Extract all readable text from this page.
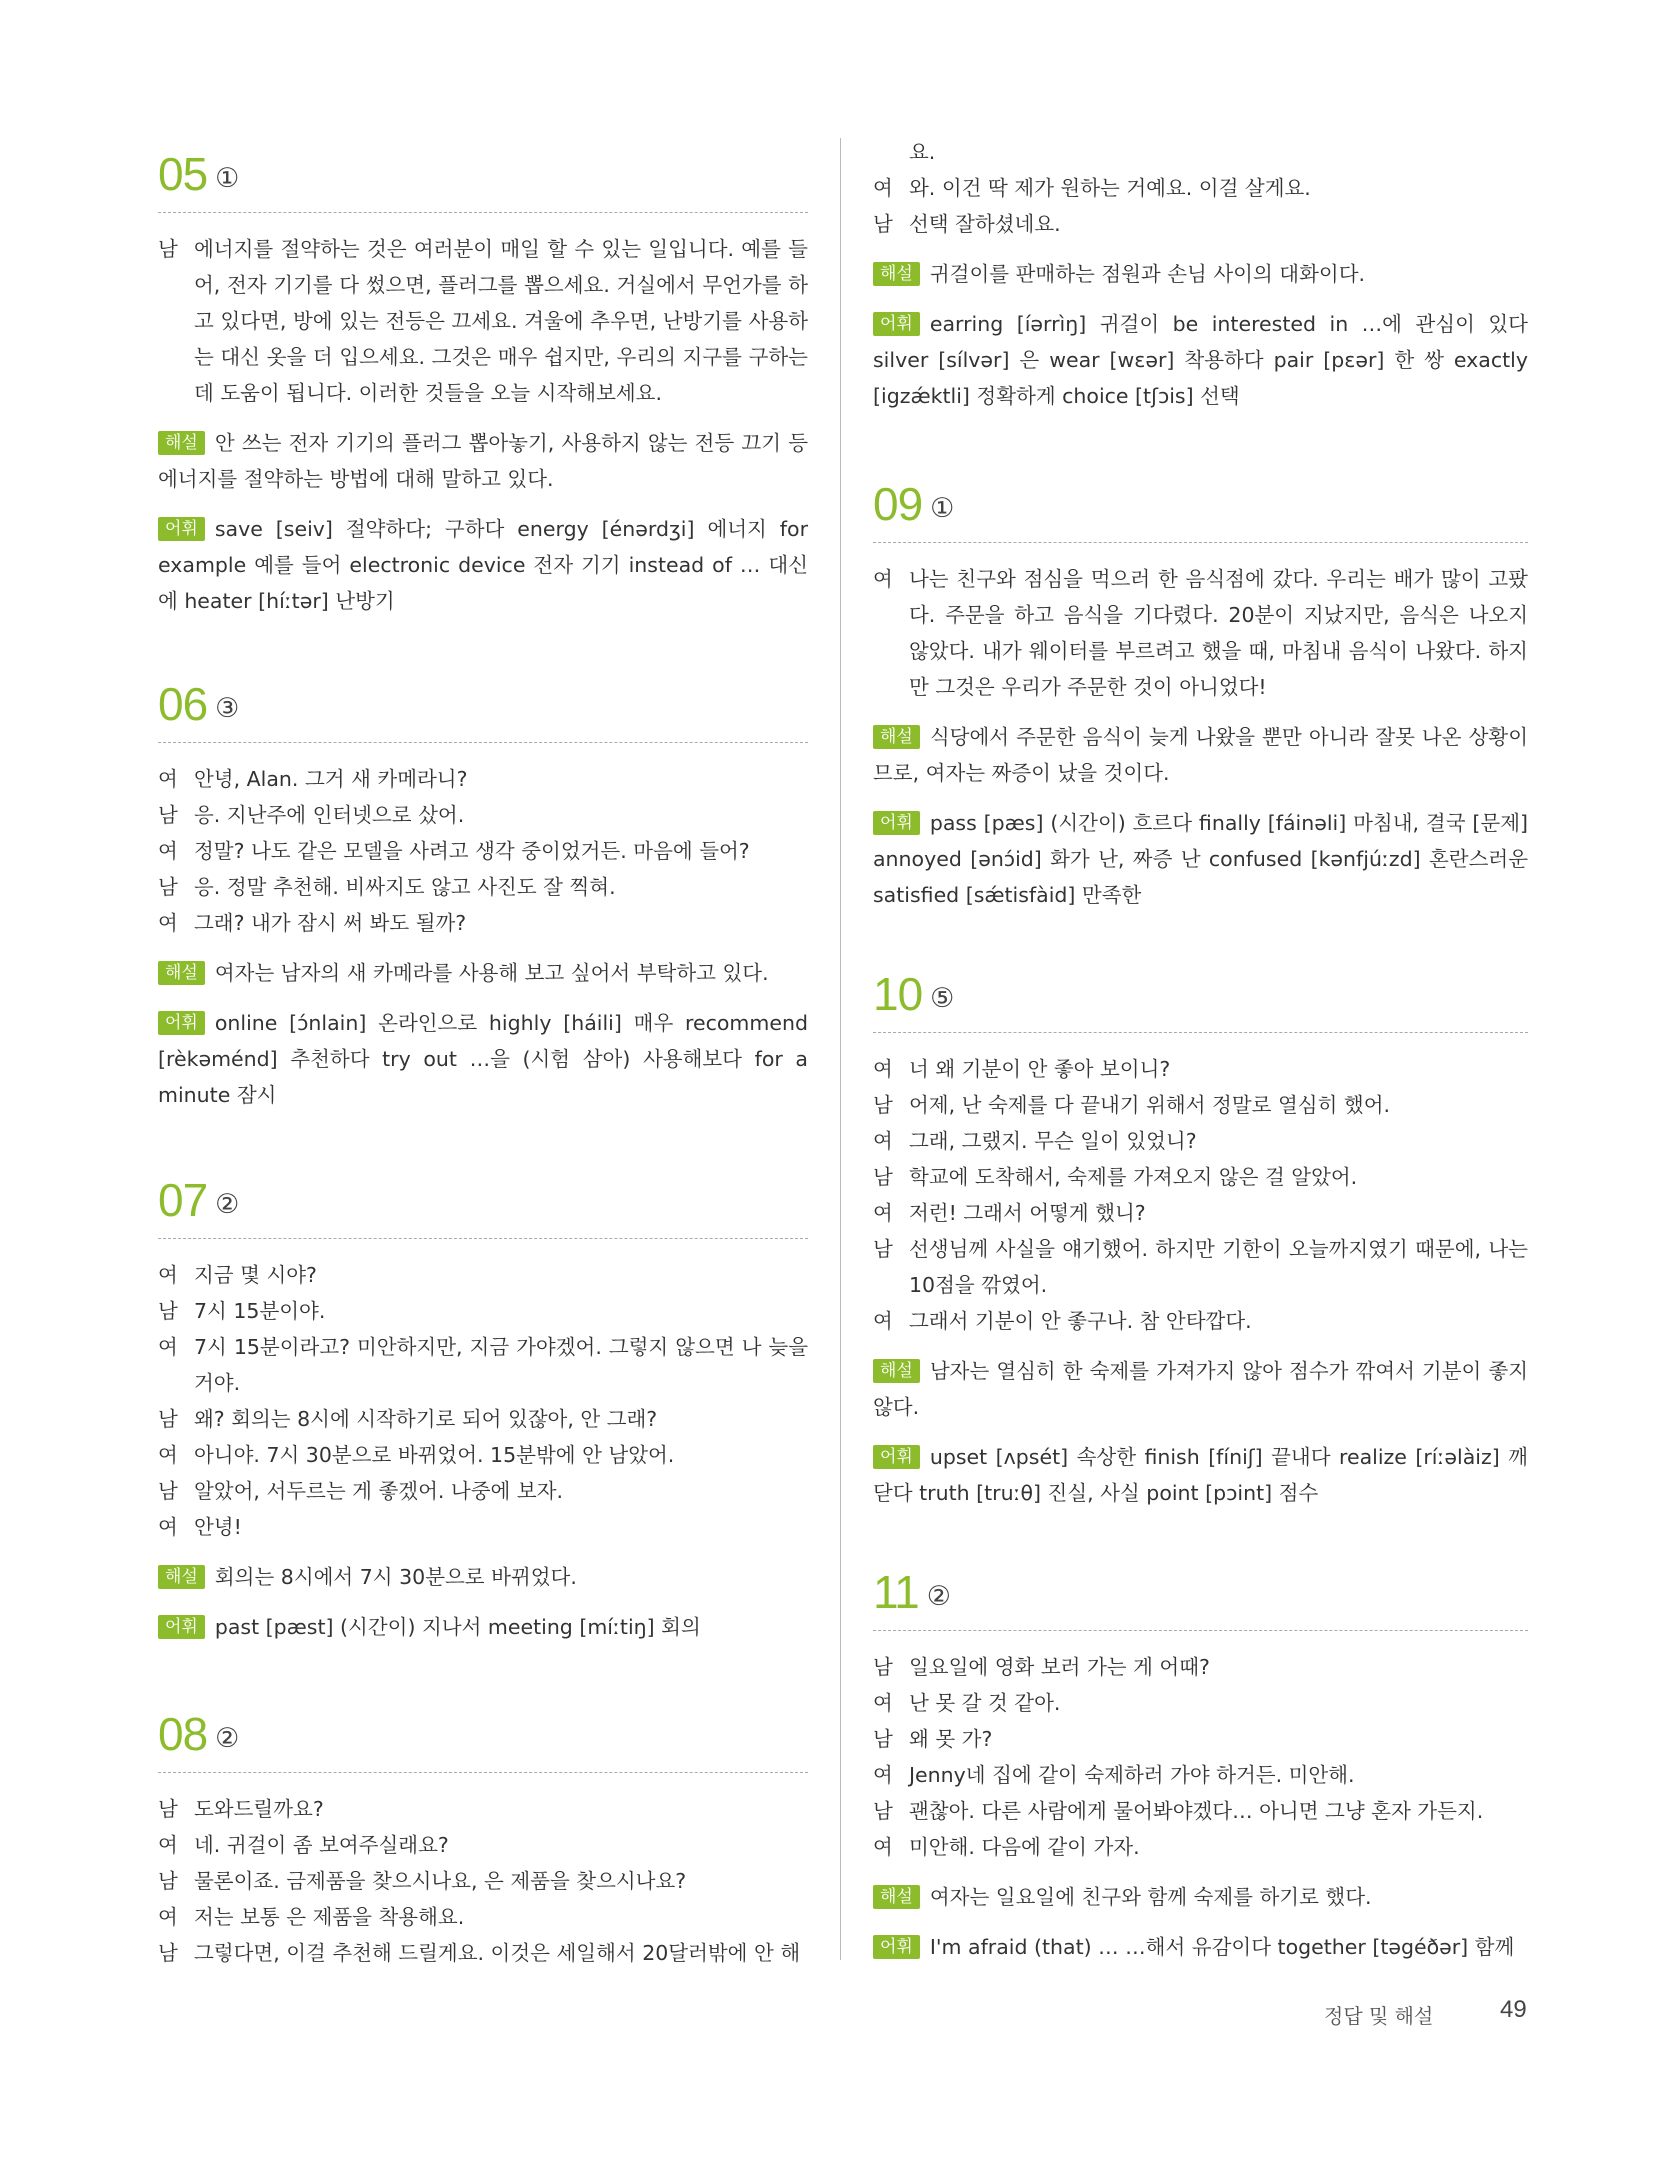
05 ①
남 에너지를 절약하는 것은 여러분이 매일 할 수 있는 일입니다. 예를 들어, 전자 기기를 다 썼으면, 플러그를 뽑으세요. 거실에서 무언가를 하고 있다면, 방에 있는 전등은 끄세요. 겨울에 추우면, 난방기를 사용하는 대신 옷을 더 입으세요. 그것은 매우 쉽지만, 우리의 지구를 구하는 데 도움이 됩니다. 이러한 것들을 오늘 시작해보세요.
해설 안 쓰는 전자 기기의 플러그 뽑아놓기, 사용하지 않는 전등 끄기 등 에너지를 절약하는 방법에 대해 말하고 있다.
어휘 save [seiv] 절약하다; 구하다 energy [énərdʒi] 에너지 for example 예를 들어 electronic device 전자 기기 instead of … 대신에 heater [híːtər] 난방기
06 ③
여 안녕, Alan. 그거 새 카메라니?
남 응. 지난주에 인터넷으로 샀어.
여 정말? 나도 같은 모델을 사려고 생각 중이었거든. 마음에 들어?
남 응. 정말 추천해. 비싸지도 않고 사진도 잘 찍혀.
여 그래? 내가 잠시 써 봐도 될까?
해설 여자는 남자의 새 카메라를 사용해 보고 싶어서 부탁하고 있다.
어휘 online [ɔ́nlain] 온라인으로 highly [háili] 매우 recommend [rèkəménd] 추천하다 try out …을 (시험 삼아) 사용해보다 for a minute 잠시
07 ②
여 지금 몇 시야?
남 7시 15분이야.
여 7시 15분이라고? 미안하지만, 지금 가야겠어. 그렇지 않으면 나 늦을 거야.
남 왜? 회의는 8시에 시작하기로 되어 있잖아, 안 그래?
여 아니야. 7시 30분으로 바뀌었어. 15분밖에 안 남았어.
남 알았어, 서두르는 게 좋겠어. 나중에 보자.
여 안녕!
해설 회의는 8시에서 7시 30분으로 바뀌었다.
어휘 past [pæst] (시간이) 지나서 meeting [míːtiŋ] 회의
08 ②
남 도와드릴까요?
여 네. 귀걸이 좀 보여주실래요?
남 물론이죠. 금제품을 찾으시나요, 은 제품을 찾으시나요?
여 저는 보통 은 제품을 착용해요.
남 그렇다면, 이걸 추천해 드릴게요. 이것은 세일해서 20달러밖에 안 해
요.
여 와. 이건 딱 제가 원하는 거예요. 이걸 살게요.
남 선택 잘하셨네요.
해설 귀걸이를 판매하는 점원과 손님 사이의 대화이다.
어휘 earring [íərrìŋ] 귀걸이 be interested in …에 관심이 있다 silver [sílvər] 은 wear [wɛər] 착용하다 pair [pɛər] 한 쌍 exactly [igzǽktli] 정확하게 choice [tʃɔis] 선택
09 ①
여 나는 친구와 점심을 먹으러 한 음식점에 갔다. 우리는 배가 많이 고팠다. 주문을 하고 음식을 기다렸다. 20분이 지났지만, 음식은 나오지 않았다. 내가 웨이터를 부르려고 했을 때, 마침내 음식이 나왔다. 하지만 그것은 우리가 주문한 것이 아니었다!
해설 식당에서 주문한 음식이 늦게 나왔을 뿐만 아니라 잘못 나온 상황이므로, 여자는 짜증이 났을 것이다.
어휘 pass [pæs] (시간이) 흐르다 finally [fáinəli] 마침내, 결국 [문제] annoyed [ənɔ́id] 화가 난, 짜증 난 confused [kənfjúːzd] 혼란스러운 satisfied [sǽtisfàid] 만족한
10 ⑤
여 너 왜 기분이 안 좋아 보이니?
남 어제, 난 숙제를 다 끝내기 위해서 정말로 열심히 했어.
여 그래, 그랬지. 무슨 일이 있었니?
남 학교에 도착해서, 숙제를 가져오지 않은 걸 알았어.
여 저런! 그래서 어떻게 했니?
남 선생님께 사실을 얘기했어. 하지만 기한이 오늘까지였기 때문에, 나는 10점을 깎였어.
여 그래서 기분이 안 좋구나. 참 안타깝다.
해설 남자는 열심히 한 숙제를 가져가지 않아 점수가 깎여서 기분이 좋지 않다.
어휘 upset [ʌpsét] 속상한 finish [fíniʃ] 끝내다 realize [ríːəlàiz] 깨닫다 truth [truːθ] 진실, 사실 point [pɔint] 점수
11 ②
남 일요일에 영화 보러 가는 게 어때?
여 난 못 갈 것 같아.
남 왜 못 가?
여 Jenny네 집에 같이 숙제하러 가야 하거든. 미안해.
남 괜찮아. 다른 사람에게 물어봐야겠다… 아니면 그냥 혼자 가든지.
여 미안해. 다음에 같이 가자.
해설 여자는 일요일에 친구와 함께 숙제를 하기로 했다.
어휘 I'm afraid (that) … …해서 유감이다 together [təgéðər] 함께
정답 및 해설	49
